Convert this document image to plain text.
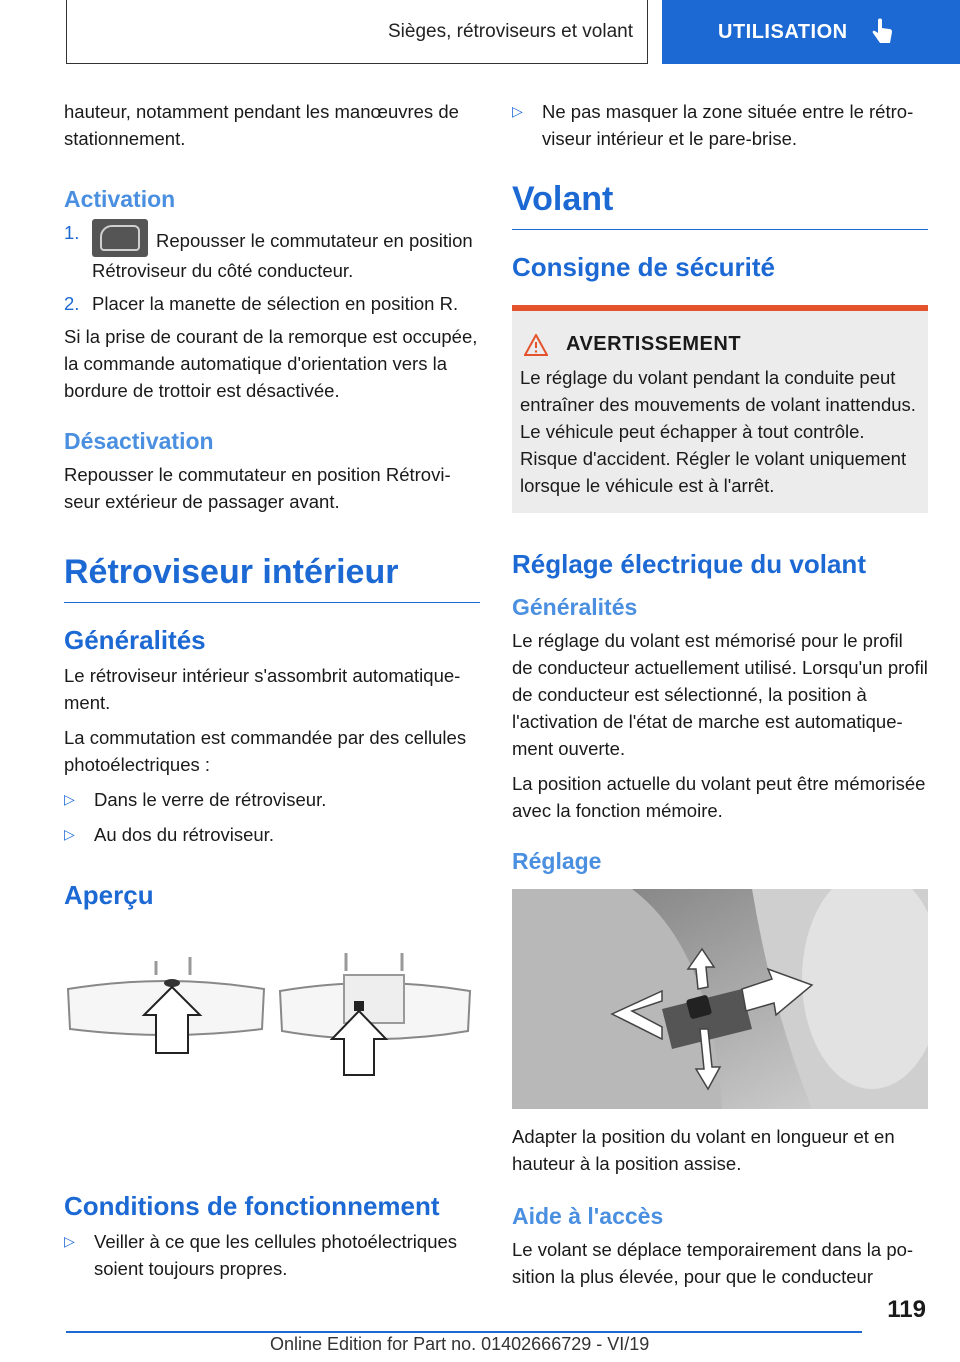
Sièges, rétroviseurs et volant	UTILISATION

hauteur, notamment pendant les manœuvres de stationnement.

Activation
1.	Repousser le commutateur en position Rétroviseur du côté conducteur.
2. Placer la manette de sélection en position R.

Si la prise de courant de la remorque est occupée, la commande automatique d'orientation vers la bordure de trottoir est désactivée.

Désactivation

Repousser le commutateur en position Rétroviseur extérieur de passager avant.

Rétroviseur intérieur
Généralités

Le rétroviseur intérieur s'assombrit automatiquement.

La commutation est commandée par des cellules photoélectriques :

▷	Dans le verre de rétroviseur.
▷	Au dos du rétroviseur.
Aperçu
Conditions de fonctionnement
▷	Veiller à ce que les cellules photoélectriques soient toujours propres.
▷	Ne pas masquer la zone située entre le rétroviseur intérieur et le pare-brise.
Volant
Consigne de sécurité
AVERTISSEMENT

Le réglage du volant pendant la conduite peut entraîner des mouvements de volant inattendus. Le véhicule peut échapper à tout contrôle. Risque d'accident. Régler le volant uniquement lorsque le véhicule est à l'arrêt.

Réglage électrique du volant
Généralités

Le réglage du volant est mémorisé pour le profil de conducteur actuellement utilisé. Lorsqu'un profil de conducteur est sélectionné, la position à l'activation de l'état de marche est automatiquement ouverte.

La position actuelle du volant peut être mémorisée avec la fonction mémoire.

Réglage

Adapter la position du volant en longueur et en hauteur à la position assise.

Aide à l'accès

Le volant se déplace temporairement dans la position la plus élevée, pour que le conducteur

119
Online Edition for Part no. 01402666729 - VI/19
